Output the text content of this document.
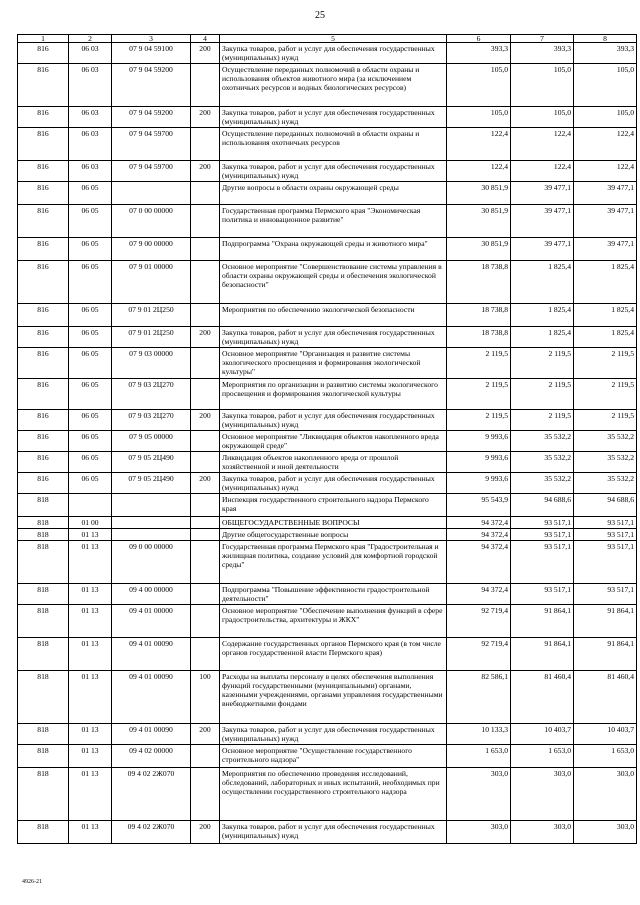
25
1	2	3	4	5	6	7	8
816	06 03	07 9 04 59100	200	Закупка товаров, работ и услуг для обеспечения государственных (муниципальных) нужд	393,3	393,3	393,3
816	06 03	07 9 04 59200		Осуществление переданных полномочий в области охраны и использования объектов животного мира (за исключением охотничьих ресурсов и водных биологических ресурсов)	105,0	105,0	105,0
816	06 03	07 9 04 59200	200	Закупка товаров, работ и услуг для обеспечения государственных (муниципальных) нужд	105,0	105,0	105,0
816	06 03	07 9 04 59700		Осуществление переданных полномочий в области охраны и использования охотничьих ресурсов	122,4	122,4	122,4
816	06 03	07 9 04 59700	200	Закупка товаров, работ и услуг для обеспечения государственных (муниципальных) нужд	122,4	122,4	122,4
816	06 05			Другие вопросы в области охраны окружающей среды	30 851,9	39 477,1	39 477,1
816	06 05	07 0 00 00000		Государственная программа Пермского края "Экономическая политика и инновационное развитие"	30 851,9	39 477,1	39 477,1
816	06 05	07 9 00 00000		Подпрограмма "Охрана окружающей среды и животного мира"	30 851,9	39 477,1	39 477,1
816	06 05	07 9 01 00000		Основное мероприятие "Совершенствование системы управления в области охраны окружающей среды и обеспечения экологической безопасности"	18 738,8	1 825,4	1 825,4
816	06 05	07 9 01 2Ц250		Мероприятия по обеспечению экологической безопасности	18 738,8	1 825,4	1 825,4
816	06 05	07 9 01 2Ц250	200	Закупка товаров, работ и услуг для обеспечения государственных (муниципальных) нужд	18 738,8	1 825,4	1 825,4
816	06 05	07 9 03 00000		Основное мероприятие "Организация и развитие системы экологического просвещения и формирования экологической культуры"	2 119,5	2 119,5	2 119,5
816	06 05	07 9 03 2Ц270		Мероприятия по организации и развитию системы экологического просвещения и формирования экологической культуры	2 119,5	2 119,5	2 119,5
816	06 05	07 9 03 2Ц270	200	Закупка товаров, работ и услуг для обеспечения государственных (муниципальных) нужд	2 119,5	2 119,5	2 119,5
816	06 05	07 9 05 00000		Основное мероприятие "Ликвидация объектов накопленного вреда окружающей среде"	9 993,6	35 532,2	35 532,2
816	06 05	07 9 05 2Ц490		Ликвидация объектов накопленного вреда от прошлой хозяйственной и иной деятельности	9 993,6	35 532,2	35 532,2
816	06 05	07 9 05 2Ц490	200	Закупка товаров, работ и услуг для обеспечения государственных (муниципальных) нужд	9 993,6	35 532,2	35 532,2
818				Инспекция государственного строительного надзора Пермского края	95 543,9	94 688,6	94 688,6
818	01 00			ОБЩЕГОСУДАРСТВЕННЫЕ ВОПРОСЫ	94 372,4	93 517,1	93 517,1
818	01 13			Другие общегосударственные вопросы	94 372,4	93 517,1	93 517,1
818	01 13	09 0 00 00000		Государственная программа Пермского края "Градостроительная и жилищная политика, создание условий для комфортной городской среды"	94 372,4	93 517,1	93 517,1
818	01 13	09 4 00 00000		Подпрограмма "Повышение эффективности градостроительной деятельности"	94 372,4	93 517,1	93 517,1
818	01 13	09 4 01 00000		Основное мероприятие "Обеспечение выполнения функций в сфере градостроительства, архитектуры и ЖКХ"	92 719,4	91 864,1	91 864,1
818	01 13	09 4 01 00090		Содержание государственных органов Пермского края (в том числе органов государственной власти Пермского края)	92 719,4	91 864,1	91 864,1
818	01 13	09 4 01 00090	100	Расходы на выплаты персоналу в целях обеспечения выполнения функций государственными (муниципальными) органами, казенными учреждениями, органами управления государственными внебюджетными фондами	82 586,1	81 460,4	81 460,4
818	01 13	09 4 01 00090	200	Закупка товаров, работ и услуг для обеспечения государственных (муниципальных) нужд	10 133,3	10 403,7	10 403,7
818	01 13	09 4 02 00000		Основное мероприятие "Осуществление государственного строительного надзора"	1 653,0	1 653,0	1 653,0
818	01 13	09 4 02 2Ж070		Мероприятия по обеспечению проведения исследований, обследований, лабораторных и иных испытаний, необходимых при осуществлении государственного строительного надзора	303,0	303,0	303,0
818	01 13	09 4 02 2Ж070	200	Закупка товаров, работ и услуг для обеспечения государственных (муниципальных) нужд	303,0	303,0	303,0
4926-21
